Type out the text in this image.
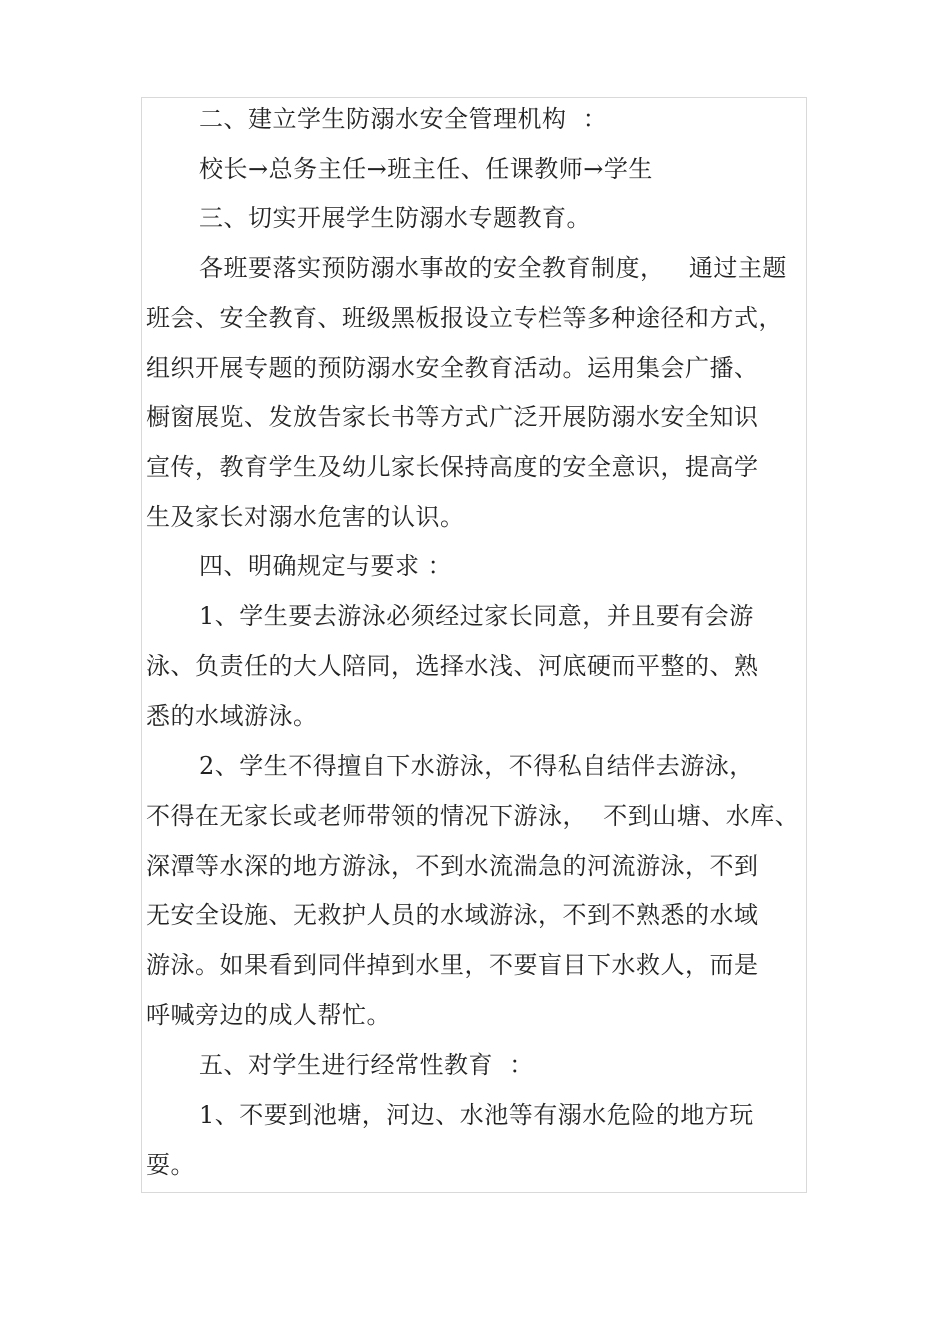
二、建立学生防溺水安全管理机构  ：
校长→总务主任→班主任、任课教师→学生
三、切实开展学生防溺水专题教育。
各班要落实预防溺水事故的安全教育制度，   通过主题
班会、安全教育、班级黑板报设立专栏等多种途径和方式，
组织开展专题的预防溺水安全教育活动。运用集会广播、
橱窗展览、发放告家长书等方式广泛开展防溺水安全知识
宣传，教育学生及幼儿家长保持高度的安全意识，提高学
生及家长对溺水危害的认识。
四、明确规定与要求 ：
1、学生要去游泳必须经过家长同意，并且要有会游
泳、负责任的大人陪同，选择水浅、河底硬而平整的、熟
悉的水域游泳。
2、学生不得擅自下水游泳，不得私自结伴去游泳，
不得在无家长或老师带领的情况下游泳，  不到山塘、水库、
深潭等水深的地方游泳，不到水流湍急的河流游泳，不到
无安全设施、无救护人员的水域游泳，不到不熟悉的水域
游泳。如果看到同伴掉到水里，不要盲目下水救人，而是
呼喊旁边的成人帮忙。
五、对学生进行经常性教育  ：
1、不要到池塘，河边、水池等有溺水危险的地方玩
耍。
